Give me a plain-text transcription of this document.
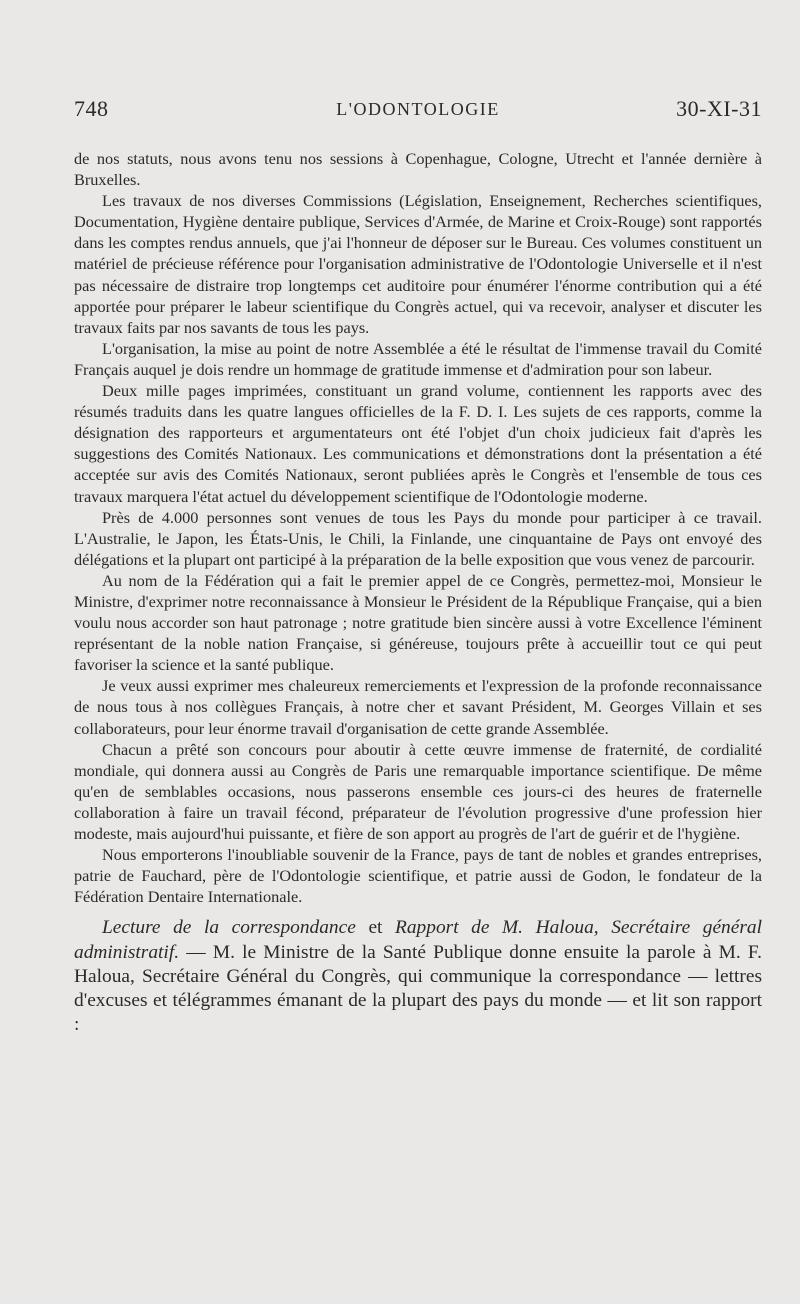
748	L'ODONTOLOGIE	30-XI-31

de nos statuts, nous avons tenu nos sessions à Copenhague, Cologne, Utrecht et l'année dernière à Bruxelles.

Les travaux de nos diverses Commissions (Législation, Enseignement, Recherches scientifiques, Documentation, Hygiène dentaire publique, Services d'Armée, de Marine et Croix-Rouge) sont rapportés dans les comptes rendus annuels, que j'ai l'honneur de déposer sur le Bureau. Ces volumes constituent un matériel de précieuse référence pour l'organisation administrative de l'Odontologie Universelle et il n'est pas nécessaire de distraire trop longtemps cet auditoire pour énumérer l'énorme contribution qui a été apportée pour préparer le labeur scientifique du Congrès actuel, qui va recevoir, analyser et discuter les travaux faits par nos savants de tous les pays.

L'organisation, la mise au point de notre Assemblée a été le résultat de l'immense travail du Comité Français auquel je dois rendre un hommage de gratitude immense et d'admiration pour son labeur.

Deux mille pages imprimées, constituant un grand volume, contiennent les rapports avec des résumés traduits dans les quatre langues officielles de la F. D. I. Les sujets de ces rapports, comme la désignation des rapporteurs et argumentateurs ont été l'objet d'un choix judicieux fait d'après les suggestions des Comités Nationaux. Les communications et démonstrations dont la présentation a été acceptée sur avis des Comités Nationaux, seront publiées après le Congrès et l'ensemble de tous ces travaux marquera l'état actuel du développement scientifique de l'Odontologie moderne.

Près de 4.000 personnes sont venues de tous les Pays du monde pour participer à ce travail. L'Australie, le Japon, les États-Unis, le Chili, la Finlande, une cinquantaine de Pays ont envoyé des délégations et la plupart ont participé à la préparation de la belle exposition que vous venez de parcourir.

Au nom de la Fédération qui a fait le premier appel de ce Congrès, permettez-moi, Monsieur le Ministre, d'exprimer notre reconnaissance à Monsieur le Président de la République Française, qui a bien voulu nous accorder son haut patronage ; notre gratitude bien sincère aussi à votre Excellence l'éminent représentant de la noble nation Française, si généreuse, toujours prête à accueillir tout ce qui peut favoriser la science et la santé publique.

Je veux aussi exprimer mes chaleureux remerciements et l'expression de la profonde reconnaissance de nous tous à nos collègues Français, à notre cher et savant Président, M. Georges Villain et ses collaborateurs, pour leur énorme travail d'organisation de cette grande Assemblée.

Chacun a prêté son concours pour aboutir à cette œuvre immense de fraternité, de cordialité mondiale, qui donnera aussi au Congrès de Paris une remarquable importance scientifique. De même qu'en de semblables occasions, nous passerons ensemble ces jours-ci des heures de fraternelle collaboration à faire un travail fécond, préparateur de l'évolution progressive d'une profession hier modeste, mais aujourd'hui puissante, et fière de son apport au progrès de l'art de guérir et de l'hygiène.

Nous emporterons l'inoubliable souvenir de la France, pays de tant de nobles et grandes entreprises, patrie de Fauchard, père de l'Odontologie scientifique, et patrie aussi de Godon, le fondateur de la Fédération Dentaire Internationale.

Lecture de la correspondance et Rapport de M. Haloua, Secrétaire général administratif. — M. le Ministre de la Santé Publique donne ensuite la parole à M. F. Haloua, Secrétaire Général du Congrès, qui communique la correspondance — lettres d'excuses et télégrammes émanant de la plupart des pays du monde — et lit son rapport :
